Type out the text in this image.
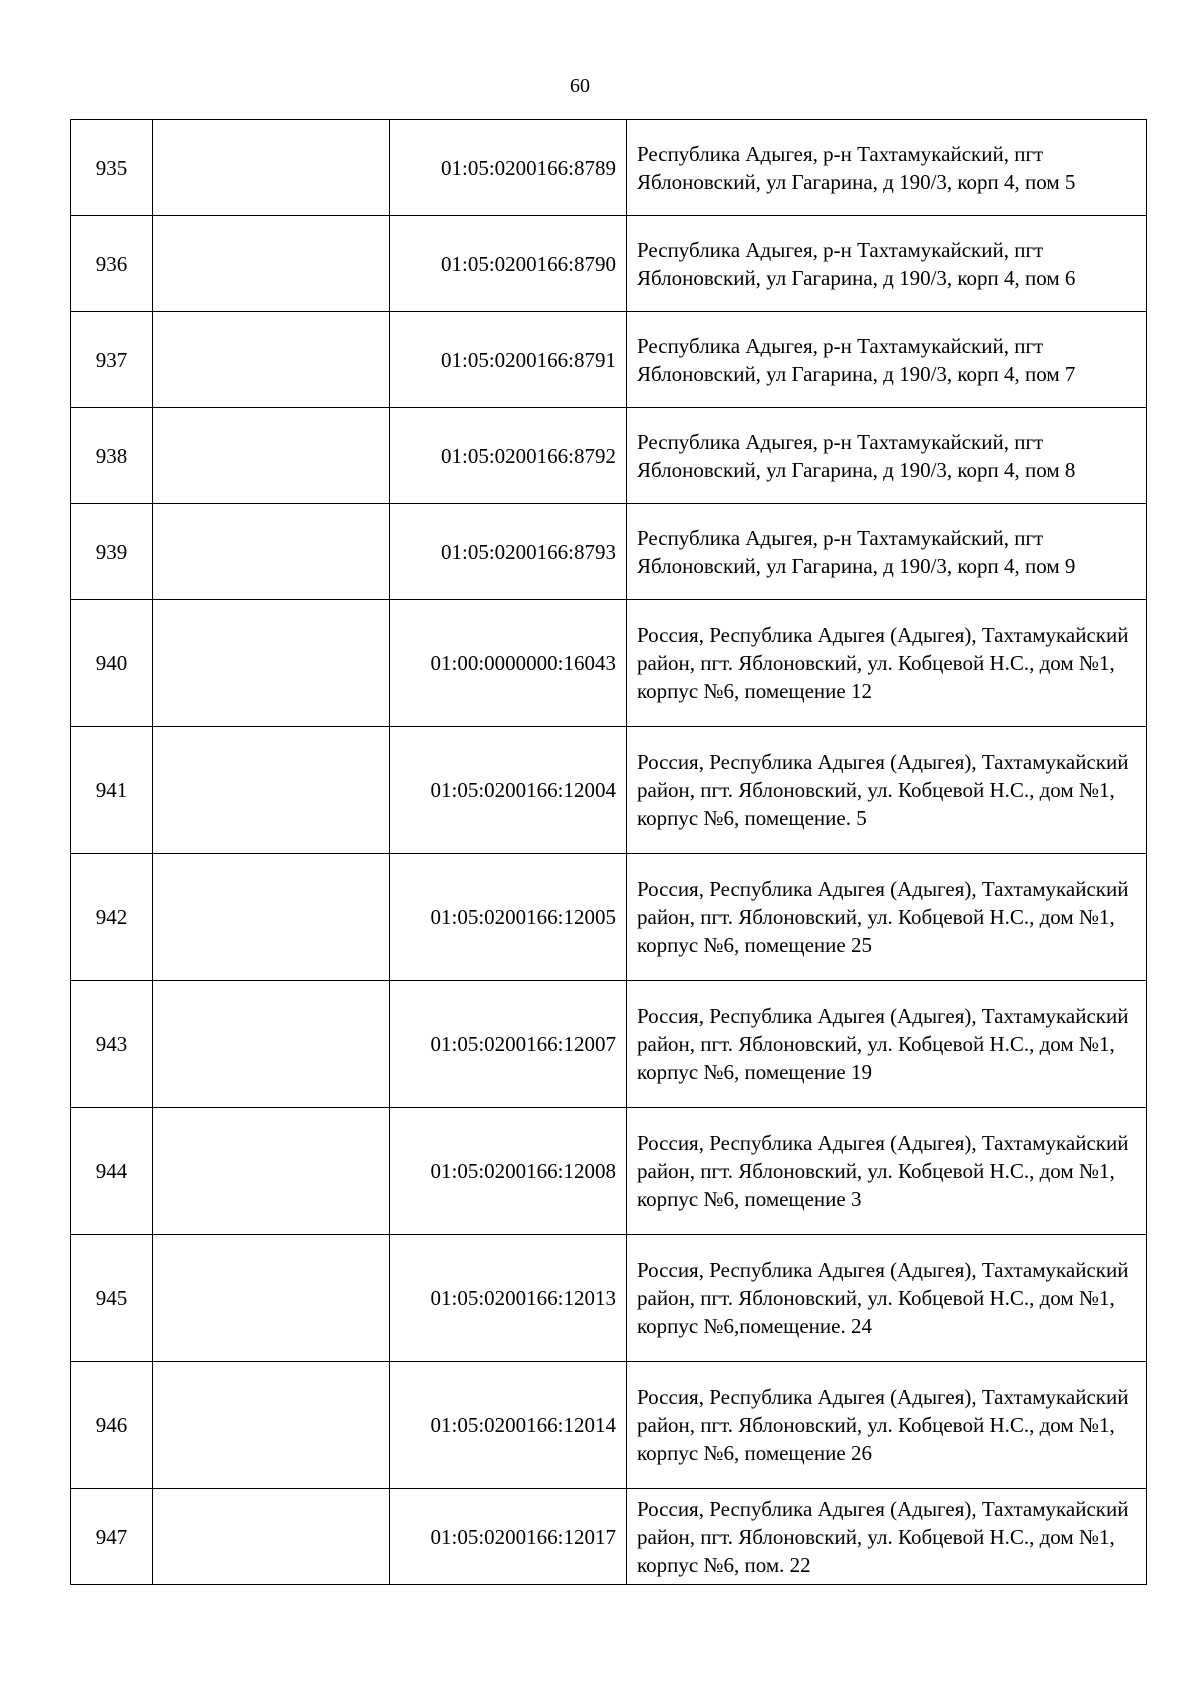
60
935		01:05:0200166:8789	Республика Адыгея, р-н Тахтамукайский, пгт Яблоновский, ул Гагарина, д 190/3, корп 4, пом 5
936		01:05:0200166:8790	Республика Адыгея, р-н Тахтамукайский, пгт Яблоновский, ул Гагарина, д 190/3, корп 4, пом 6
937		01:05:0200166:8791	Республика Адыгея, р-н Тахтамукайский, пгт Яблоновский, ул Гагарина, д 190/3, корп 4, пом 7
938		01:05:0200166:8792	Республика Адыгея, р-н Тахтамукайский, пгт Яблоновский, ул Гагарина, д 190/3, корп 4, пом 8
939		01:05:0200166:8793	Республика Адыгея, р-н Тахтамукайский, пгт Яблоновский, ул Гагарина, д 190/3, корп 4, пом 9
940		01:00:0000000:16043	Россия, Республика Адыгея (Адыгея), Тахтамукайский район, пгт. Яблоновский, ул. Кобцевой Н.С., дом №1, корпус №6, помещение 12
941		01:05:0200166:12004	Россия, Республика Адыгея (Адыгея), Тахтамукайский район, пгт. Яблоновский, ул. Кобцевой Н.С., дом №1, корпус №6, помещение. 5
942		01:05:0200166:12005	Россия, Республика Адыгея (Адыгея), Тахтамукайский район, пгт. Яблоновский, ул. Кобцевой Н.С., дом №1, корпус №6, помещение 25
943		01:05:0200166:12007	Россия, Республика Адыгея (Адыгея), Тахтамукайский район, пгт. Яблоновский, ул. Кобцевой Н.С., дом №1, корпус №6, помещение 19
944		01:05:0200166:12008	Россия, Республика Адыгея (Адыгея), Тахтамукайский район, пгт. Яблоновский, ул. Кобцевой Н.С., дом №1, корпус №6, помещение 3
945		01:05:0200166:12013	Россия, Республика Адыгея (Адыгея), Тахтамукайский район, пгт. Яблоновский, ул. Кобцевой Н.С., дом №1, корпус №6,помещение. 24
946		01:05:0200166:12014	Россия, Республика Адыгея (Адыгея), Тахтамукайский район, пгт. Яблоновский, ул. Кобцевой Н.С., дом №1, корпус №6, помещение 26
947		01:05:0200166:12017	Россия, Республика Адыгея (Адыгея), Тахтамукайский район, пгт. Яблоновский, ул. Кобцевой Н.С., дом №1, корпус №6, пом. 22
